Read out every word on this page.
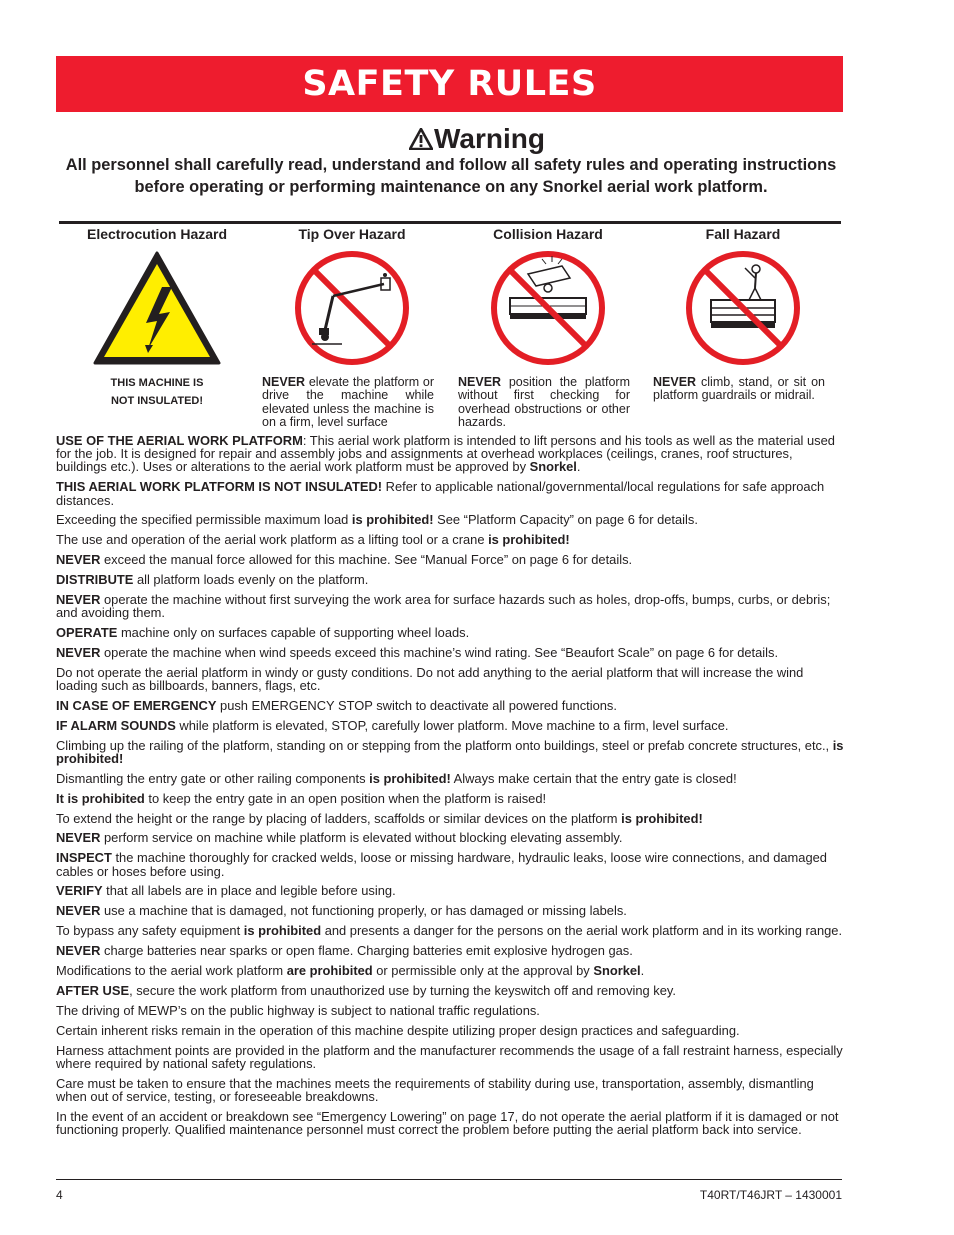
SAFETY RULES
Warning
All personnel shall carefully read, understand and follow all safety rules and operating instructions before operating or performing maintenance on any Snorkel aerial work platform.
Electrocution Hazard
THIS MACHINE IS
NOT INSULATED!
Tip Over Hazard
NEVER elevate the platform or drive the machine while elevated unless the machine is on a firm, level surface
Collision Hazard
NEVER position the platform without first checking for overhead obstructions or other hazards.
Fall Hazard
NEVER climb, stand, or sit on platform guardrails or midrail.

USE OF THE AERIAL WORK PLATFORM: This aerial work platform is intended to lift persons and his tools as well as the material used for the job. It is designed for repair and assembly jobs and assignments at overhead workplaces (ceilings, cranes, roof structures, buildings etc.). Uses or alterations to the aerial work platform must be approved by Snorkel.

THIS AERIAL WORK PLATFORM IS NOT INSULATED! Refer to applicable national/governmental/local regulations for safe approach distances.

Exceeding the specified permissible maximum load is prohibited! See “Platform Capacity” on page 6 for details.

The use and operation of the aerial work platform as a lifting tool or a crane is prohibited!

NEVER exceed the manual force allowed for this machine. See “Manual Force” on page 6 for details.

DISTRIBUTE all platform loads evenly on the platform.

NEVER operate the machine without first surveying the work area for surface hazards such as holes, drop-offs, bumps, curbs, or debris; and avoiding them.

OPERATE machine only on surfaces capable of supporting wheel loads.

NEVER operate the machine when wind speeds exceed this machine’s wind rating. See “Beaufort Scale” on page 6 for details.

Do not operate the aerial platform in windy or gusty conditions. Do not add anything to the aerial platform that will increase the wind loading such as billboards, banners, flags, etc.

IN CASE OF EMERGENCY push EMERGENCY STOP switch to deactivate all powered functions.

IF ALARM SOUNDS while platform is elevated, STOP, carefully lower platform. Move machine to a firm, level surface.

Climbing up the railing of the platform, standing on or stepping from the platform onto buildings, steel or prefab concrete structures, etc., is prohibited!

Dismantling the entry gate or other railing components is prohibited! Always make certain that the entry gate is closed!

It is prohibited to keep the entry gate in an open position when the platform is raised!

To extend the height or the range by placing of ladders, scaffolds or similar devices on the platform is prohibited!

NEVER perform service on machine while platform is elevated without blocking elevating assembly.

INSPECT the machine thoroughly for cracked welds, loose or missing hardware, hydraulic leaks, loose wire connections, and damaged cables or hoses before using.

VERIFY that all labels are in place and legible before using.

NEVER use a machine that is damaged, not functioning properly, or has damaged or missing labels.

To bypass any safety equipment is prohibited and presents a danger for the persons on the aerial work platform and in its working range.

NEVER charge batteries near sparks or open flame. Charging batteries emit explosive hydrogen gas.

Modifications to the aerial work platform are prohibited or permissible only at the approval by Snorkel.

AFTER USE, secure the work platform from unauthorized use by turning the keyswitch off and removing key.

The driving of MEWP’s on the public highway is subject to national traffic regulations.

Certain inherent risks remain in the operation of this machine despite utilizing proper design practices and safeguarding.

Harness attachment points are provided in the platform and the manufacturer recommends the usage of a fall restraint harness, especially where required by national safety regulations.

Care must be taken to ensure that the machines meets the requirements of stability during use, transportation, assembly, dismantling when out of service, testing, or foreseeable breakdowns.

In the event of an accident or breakdown see “Emergency Lowering” on page 17, do not operate the aerial platform if it is damaged or not functioning properly. Qualified maintenance personnel must correct the problem before putting the aerial platform back into service.

4	T40RT/T46JRT – 1430001
